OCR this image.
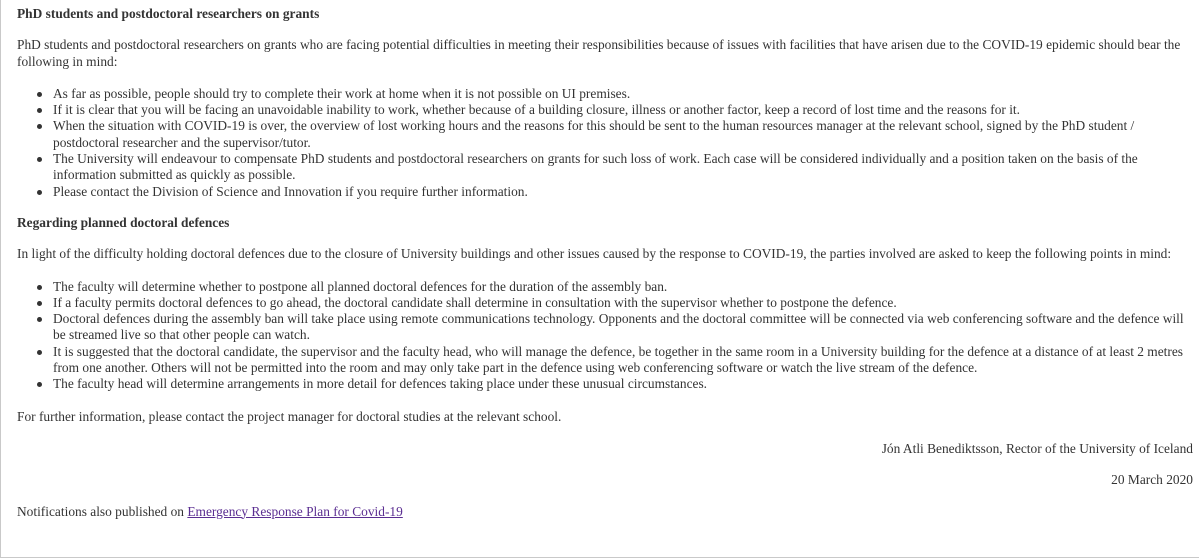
PhD students and postdoctoral researchers on grants

PhD students and postdoctoral researchers on grants who are facing potential difficulties in meeting their responsibilities because of issues with facilities that have arisen due to the COVID-19 epidemic should bear the following in mind:

As far as possible, people should try to complete their work at home when it is not possible on UI premises.
If it is clear that you will be facing an unavoidable inability to work, whether because of a building closure, illness or another factor, keep a record of lost time and the reasons for it.
When the situation with COVID-19 is over, the overview of lost working hours and the reasons for this should be sent to the human resources manager at the relevant school, signed by the PhD student / postdoctoral researcher and the supervisor/tutor.
The University will endeavour to compensate PhD students and postdoctoral researchers on grants for such loss of work. Each case will be considered individually and a position taken on the basis of the information submitted as quickly as possible.
Please contact the Division of Science and Innovation if you require further information.
Regarding planned doctoral defences

In light of the difficulty holding doctoral defences due to the closure of University buildings and other issues caused by the response to COVID-19, the parties involved are asked to keep the following points in mind:

The faculty will determine whether to postpone all planned doctoral defences for the duration of the assembly ban.
If a faculty permits doctoral defences to go ahead, the doctoral candidate shall determine in consultation with the supervisor whether to postpone the defence.
Doctoral defences during the assembly ban will take place using remote communications technology. Opponents and the doctoral committee will be connected via web conferencing software and the defence will be streamed live so that other people can watch.
It is suggested that the doctoral candidate, the supervisor and the faculty head, who will manage the defence, be together in the same room in a University building for the defence at a distance of at least 2 metres from one another. Others will not be permitted into the room and may only take part in the defence using web conferencing software or watch the live stream of the defence.
The faculty head will determine arrangements in more detail for defences taking place under these unusual circumstances.

For further information, please contact the project manager for doctoral studies at the relevant school.

Jón Atli Benediktsson, Rector of the University of Iceland

20 March 2020

Notifications also published on Emergency Response Plan for Covid-19
